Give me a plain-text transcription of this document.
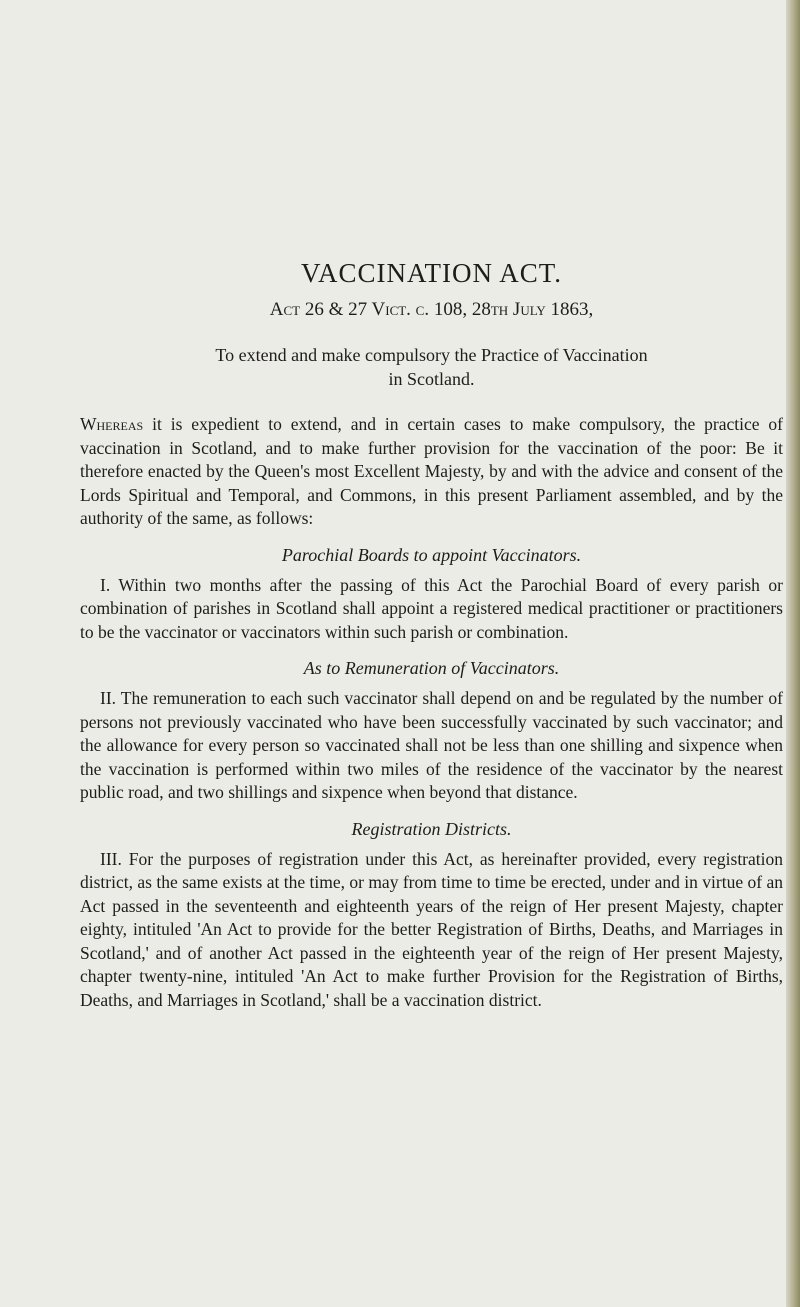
VACCINATION ACT.
Act 26 & 27 Vict. c. 108, 28th July 1863,
To extend and make compulsory the Practice of Vaccination
in Scotland.

Whereas it is expedient to extend, and in certain cases to make compulsory, the practice of vaccination in Scotland, and to make further provision for the vaccination of the poor: Be it therefore enacted by the Queen's most Excellent Majesty, by and with the advice and consent of the Lords Spiritual and Temporal, and Commons, in this present Parliament assembled, and by the authority of the same, as follows:

Parochial Boards to appoint Vaccinators.

I. Within two months after the passing of this Act the Parochial Board of every parish or combination of parishes in Scotland shall appoint a registered medical practitioner or practitioners to be the vaccinator or vaccinators within such parish or combination.

As to Remuneration of Vaccinators.

II. The remuneration to each such vaccinator shall depend on and be regulated by the number of persons not previously vaccinated who have been successfully vaccinated by such vaccinator; and the allowance for every person so vaccinated shall not be less than one shilling and sixpence when the vaccination is performed within two miles of the residence of the vaccinator by the nearest public road, and two shillings and sixpence when beyond that distance.

Registration Districts.

III. For the purposes of registration under this Act, as hereinafter provided, every registration district, as the same exists at the time, or may from time to time be erected, under and in virtue of an Act passed in the seventeenth and eighteenth years of the reign of Her present Majesty, chapter eighty, intituled 'An Act to provide for the better Registration of Births, Deaths, and Marriages in Scotland,' and of another Act passed in the eighteenth year of the reign of Her present Majesty, chapter twenty-nine, intituled 'An Act to make further Provision for the Registration of Births, Deaths, and Marriages in Scotland,' shall be a vaccination district.
